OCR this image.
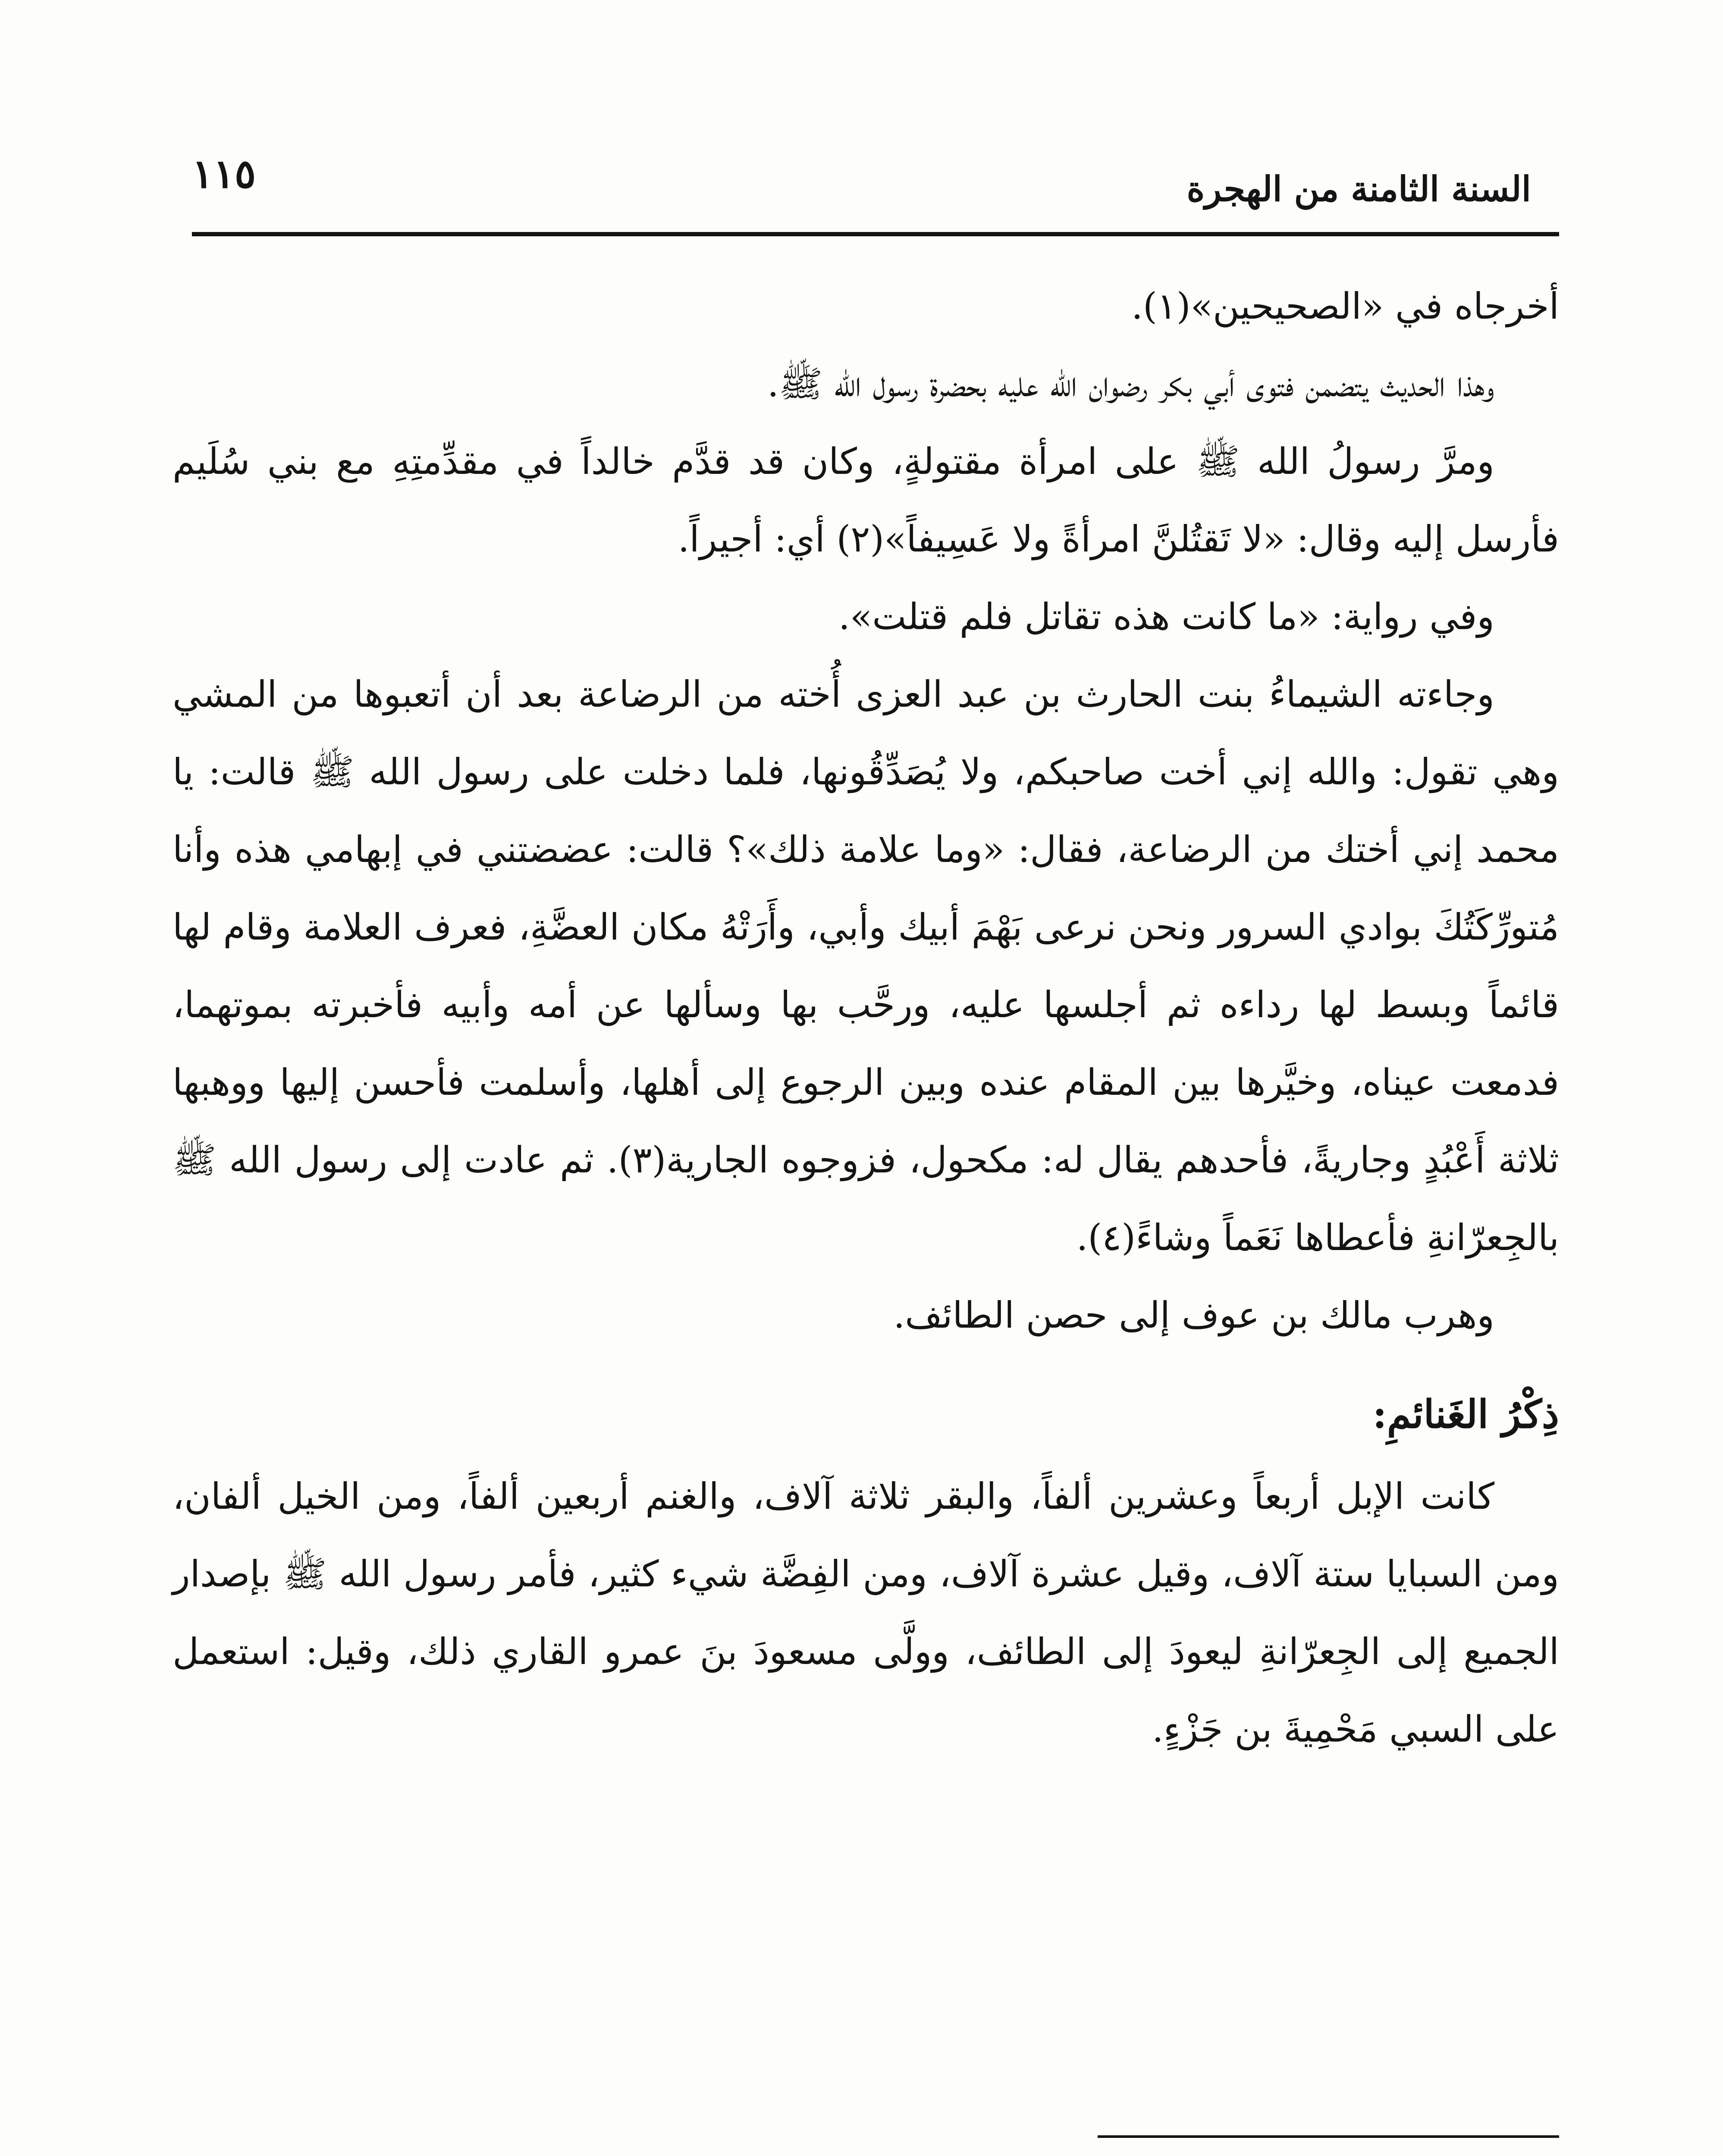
السنة الثامنة من الهجرة
١١٥

أخرجاه في «الصحيحين»(١).

وهذا الحديث يتضمن فتوى أبي بكر رضوان الله عليه بحضرة رسول الله ﷺ.

ومرَّ رسولُ الله ﷺ على امرأة مقتولةٍ، وكان قد قدَّم خالداً في مقدِّمتِهِ مع بني سُلَيم فأرسل إليه وقال: «لا تَقتُلنَّ امرأةً ولا عَسِيفاً»(٢) أي: أجيراً.

وفي رواية: «ما كانت هذه تقاتل فلم قتلت».

وجاءته الشيماءُ بنت الحارث بن عبد العزى أُخته من الرضاعة بعد أن أتعبوها من المشي وهي تقول: والله إني أخت صاحبكم، ولا يُصَدِّقُونها، فلما دخلت على رسول الله ﷺ قالت: يا محمد إني أختك من الرضاعة، فقال: «وما علامة ذلك»؟ قالت: عضضتني في إبهامي هذه وأنا مُتورِّكَتُكَ بوادي السرور ونحن نرعى بَهْمَ أبيك وأبي، وأَرَتْهُ مكان العضَّةِ، فعرف العلامة وقام لها قائماً وبسط لها رداءه ثم أجلسها عليه، ورحَّب بها وسألها عن أمه وأبيه فأخبرته بموتهما، فدمعت عيناه، وخيَّرها بين المقام عنده وبين الرجوع إلى أهلها، وأسلمت فأحسن إليها ووهبها ثلاثة أَعْبُدٍ وجاريةً، فأحدهم يقال له: مكحول، فزوجوه الجارية(٣). ثم عادت إلى رسول الله ﷺ بالجِعرّانةِ فأعطاها نَعَماً وشاءً(٤).

وهرب مالك بن عوف إلى حصن الطائف.

ذِكْرُ الغَنائمِ:

كانت الإبل أربعاً وعشرين ألفاً، والبقر ثلاثة آلاف، والغنم أربعين ألفاً، ومن الخيل ألفان، ومن السبايا ستة آلاف، وقيل عشرة آلاف، ومن الفِضَّة شيء كثير، فأمر رسول الله ﷺ بإصدار الجميع إلى الجِعرّانةِ ليعودَ إلى الطائف، وولَّى مسعودَ بنَ عمرو القاري ذلك، وقيل: استعمل على السبي مَحْمِيةَ بن جَزْءٍ.
